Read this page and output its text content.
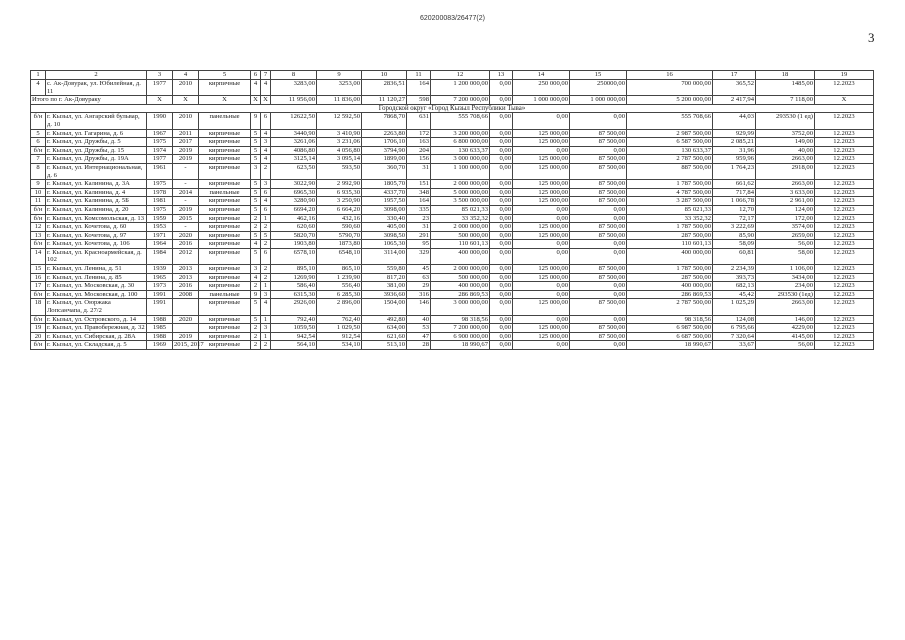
620200083/26477(2)
3
1	2	3	4	5	6	7	8	9	10	11	12	13	14	15	16	17	18	19
4	с. Ак-Довурак, ул. Юбилейная, д. 11	1977	2010	кирпичные	4	4	3283,00	3253,00	2836,51	164	1 200 000,00	0,00	250 000,00	250000,00	700 000,00	365,52	1485,00	12.2023
Итого по г. Ак-Довураку		X	X	X	X	X	11 956,00	11 836,00	11 120,27	598	7 200 000,00	0,00	1 000 000,00	1 000 000,00	5 200 000,00	2 417,94	7 118,00	X
Городской округ «Город Кызыл Республики Тыва»																		
б/н	г. Кызыл, ул. Ангарский бульвар, д. 10	1990	2010	панельные	9	6	12622,50	12 592,50	7868,70	631	555 708,66	0,00	0,00	0,00	555 708,66	44,03	293530 (1 ед)	12.2023
5	г. Кызыл, ул. Гагарина, д. 6	1967	2011	кирпичные	5	4	3440,90	3 410,90	2263,80	172	3 200 000,00	0,00	125 000,00	87 500,00	2 987 500,00	929,99	3752,00	12.2023
6	г. Кызыл, ул. Дружбы, д. 5	1975	2017	кирпичные	5	3	3261,06	3 231,06	1706,10	163	6 800 000,00	0,00	125 000,00	87 500,00	6 587 500,00	2 085,21	149,00	12.2023
б/н	г. Кызыл, ул. Дружбы, д. 15	1974	2019	кирпичные	5	4	4086,80	4 056,80	3794,90	204	130 633,37	0,00	0,00	0,00	130 633,37	31,96	40,00	12.2023
7	г. Кызыл, ул. Дружбы, д. 19А	1977	2019	кирпичные	5	4	3125,14	3 095,14	1899,00	156	3 000 000,00	0,00	125 000,00	87 500,00	2 787 500,00	959,96	2663,00	12.2023
8	г. Кызыл, ул. Интернациональная, д. 6	1961	-	кирпичные	3	2	623,50	593,50	360,70	31	1 100 000,00	0,00	125 000,00	87 500,00	887 500,00	1 764,23	2918,00	12.2023
9	г. Кызыл, ул. Калинина, д. 3А	1975	-	кирпичные	5	3	3022,90	2 992,90	1805,70	151	2 000 000,00	0,00	125 000,00	87 500,00	1 787 500,00	661,62	2663,00	12.2023
10	г. Кызыл, ул. Калинина, д. 4	1978	2014	панельные	5	6	6965,30	6 935,30	4337,70	348	5 000 000,00	0,00	125 000,00	87 500,00	4 787 500,00	717,84	3 633,00	12.2023
11	г. Кызыл, ул. Калинина, д. 5Б	1981	-	кирпичные	5	4	3280,90	3 250,90	1957,50	164	3 500 000,00	0,00	125 000,00	87 500,00	3 287 500,00	1 066,78	2 961,00	12.2023
б/н	г. Кызыл, ул. Калинина, д. 20	1975	2019	кирпичные	5	6	6694,20	6 664,20	3098,00	335	85 021,33	0,00	0,00	0,00	85 021,33	12,70	124,00	12.2023
б/н	г. Кызыл, ул. Комсомольская, д. 13	1959	2015	кирпичные	2	1	462,16	432,16	330,40	23	33 352,32	0,00	0,00	0,00	33 352,32	72,17	172,00	12.2023
12	г. Кызыл, ул. Кочетова, д. 60	1953	-	кирпичные	2	2	620,60	590,60	405,00	31	2 000 000,00	0,00	125 000,00	87 500,00	1 787 500,00	3 222,69	3574,00	12.2023
13	г. Кызыл, ул. Кочетова, д. 97	1971	2020	кирпичные	5	5	5820,70	5790,70	3098,50	291	500 000,00	0,00	125 000,00	87 500,00	287 500,00	85,90	2659,00	12.2023
б/н	г. Кызыл, ул. Кочетова, д. 106	1964	2016	кирпичные	4	2	1903,80	1873,80	1065,30	95	110 601,13	0,00	0,00	0,00	110 601,13	58,09	56,00	12.2023
14	г. Кызыл, ул. Красноармейская, д. 102	1984	2012	кирпичные	5	6	6578,10	6548,10	3114,00	329	400 000,00	0,00	0,00	0,00	400 000,00	60,81	58,00	12.2023
15	г. Кызыл, ул. Ленина, д. 51	1939	2013	кирпичные	3	2	895,10	865,10	559,80	45	2 000 000,00	0,00	125 000,00	87 500,00	1 787 500,00	2 234,39	1 106,00	12.2023
16	г. Кызыл, ул. Ленина, д. 85	1965	2013	кирпичные	4	2	1269,90	1 239,90	817,20	63	500 000,00	0,00	125 000,00	87 500,00	287 500,00	393,73	3434,00	12.2023
17	г. Кызыл, ул. Московская, д. 30	1973	2016	кирпичные	2	1	586,40	556,40	381,00	29	400 000,00	0,00	0,00	0,00	400 000,00	682,13	234,00	12.2023
б/н	г. Кызыл, ул. Московская, д. 100	1991	2008	панельные	9	3	6315,30	6 285,30	3936,60	316	286 869,53	0,00	0,00	0,00	286 869,53	45,42	293530 (1ед)	12.2023
18	г. Кызыл, ул. Оюржака Лопсанчапа, д. 27/2	1991		кирпичные	5	4	2926,00	2 896,00	1504,00	146	3 000 000,00	0,00	125 000,00	87 500,00	2 787 500,00	1 025,29	2663,00	12.2023
б/н	г. Кызыл, ул. Островского, д. 14	1988	2020	кирпичные	5	1	792,40	762,40	492,80	40	98 318,56	0,00	0,00	0,00	98 318,56	124,08	146,00	12.2023
19	г. Кызыл, ул. Правобережная, д. 32	1985		кирпичные	2	3	1059,50	1 029,50	634,00	53	7 200 000,00	0,00	125 000,00	87 500,00	6 987 500,00	6 795,66	4229,00	12.2023
20	г. Кызыл, ул. Сибирская, д. 28А	1988	2019	кирпичные	2	1	942,54	912,54	621,60	47	6 900 000,00	0,00	125 000,00	87 500,00	6 687 500,00	7 320,64	4145,00	12.2023
б/н	г. Кызыл, ул. Складская, д. 5	1969	2015, 2017	кирпичные	2	2	564,10	534,10	513,10	28	18 990,67	0,00	0,00	0,00	18 990,67	33,67	56,00	12.2023
